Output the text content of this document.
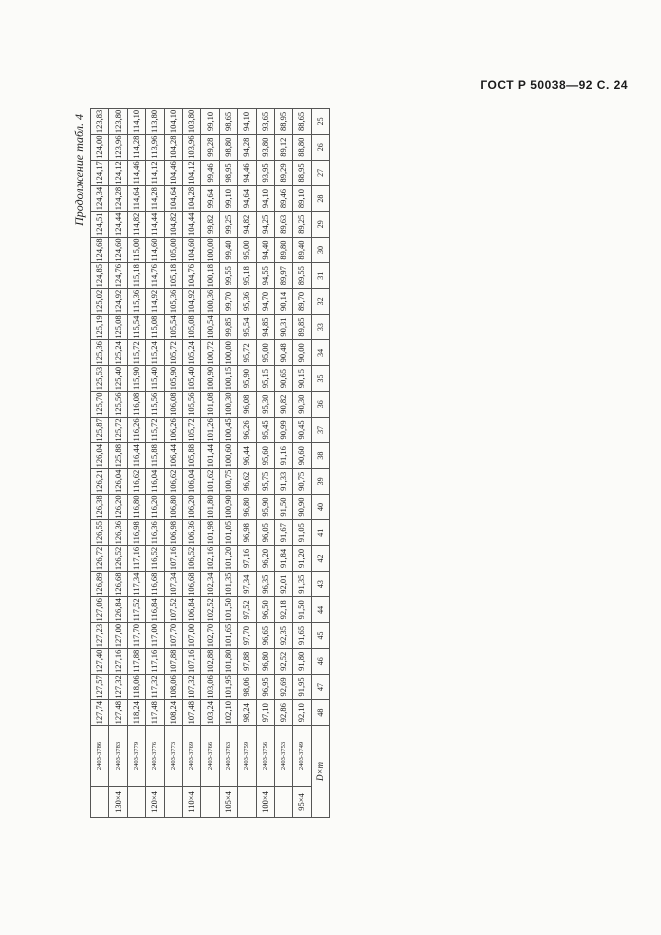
ГОСТ Р 50038—92 С. 24
Продолжение табл. 4
	2403-3786	127,74	127,57	127,40	127,23	127,06	126,89	126,72	126,55	126,38	126,21	126,04	125,87	125,70	125,53	125,36	125,19	125,02	124,85	124,68	124,51	124,34	124,17	124,00	123,83
130×4	2403-3783	127,48	127,32	127,16	127,00	126,84	126,68	126,52	126,36	126,20	126,04	125,88	125,72	125,56	125,40	125,24	125,08	124,92	124,76	124,60	124,44	124,28	124,12	123,96	123,80
	2403-3779	118,24	118,06	117,88	117,70	117,52	117,34	117,16	116,98	116,80	116,62	116,44	116,26	116,08	115,90	115,72	115,54	115,36	115,18	115,00	114,82	114,64	114,46	114,28	114,10
120×4	2403-3776	117,48	117,32	117,16	117,00	116,84	116,68	116,52	116,36	116,20	116,04	115,88	115,72	115,56	115,40	115,24	115,08	114,92	114,76	114,60	114,44	114,28	114,12	113,96	113,80
	2403-3773	108,24	108,06	107,88	107,70	107,52	107,34	107,16	106,98	106,80	106,62	106,44	106,26	106,08	105,90	105,72	105,54	105,36	105,18	105,00	104,82	104,64	104,46	104,28	104,10
110×4	2403-3769	107,48	107,32	107,16	107,00	106,84	106,68	106,52	106,36	106,20	106,04	105,88	105,72	105,56	105,40	105,24	105,08	104,92	104,76	104,60	104,44	104,28	104,12	103,96	103,80
	2403-3766	103,24	103,06	102,88	102,70	102,52	102,34	102,16	101,98	101,80	101,62	101,44	101,26	101,08	100,90	100,72	100,54	100,36	100,18	100,00	99,82	99,64	99,46	99,28	99,10
105×4	2403-3763	102,10	101,95	101,80	101,65	101,50	101,35	101,20	101,05	100,90	100,75	100,60	100,45	100,30	100,15	100,00	99,85	99,70	99,55	99,40	99,25	99,10	98,95	98,80	98,65
	2403-3759	98,24	98,06	97,88	97,70	97,52	97,34	97,16	96,98	96,80	96,62	96,44	96,26	96,08	95,90	95,72	95,54	95,36	95,18	95,00	94,82	94,64	94,46	94,28	94,10
100×4	2403-3756	97,10	96,95	96,80	96,65	96,50	96,35	96,20	96,05	95,90	95,75	95,60	95,45	95,30	95,15	95,00	94,85	94,70	94,55	94,40	94,25	94,10	93,95	93,80	93,65
	2403-3753	92,86	92,69	92,52	92,35	92,18	92,01	91,84	91,67	91,50	91,33	91,16	90,99	90,82	90,65	90,48	90,31	90,14	89,97	89,80	89,63	89,46	89,29	89,12	88,95
95×4	2403-3749	92,10	91,95	91,80	91,65	91,50	91,35	91,20	91,05	90,90	90,75	90,60	90,45	90,30	90,15	90,00	89,85	89,70	89,55	89,40	89,25	89,10	88,95	88,80	88,65
D×m		48	47	46	45	44	43	42	41	40	39	38	37	36	35	34	33	32	31	30	29	28	27	26	25
